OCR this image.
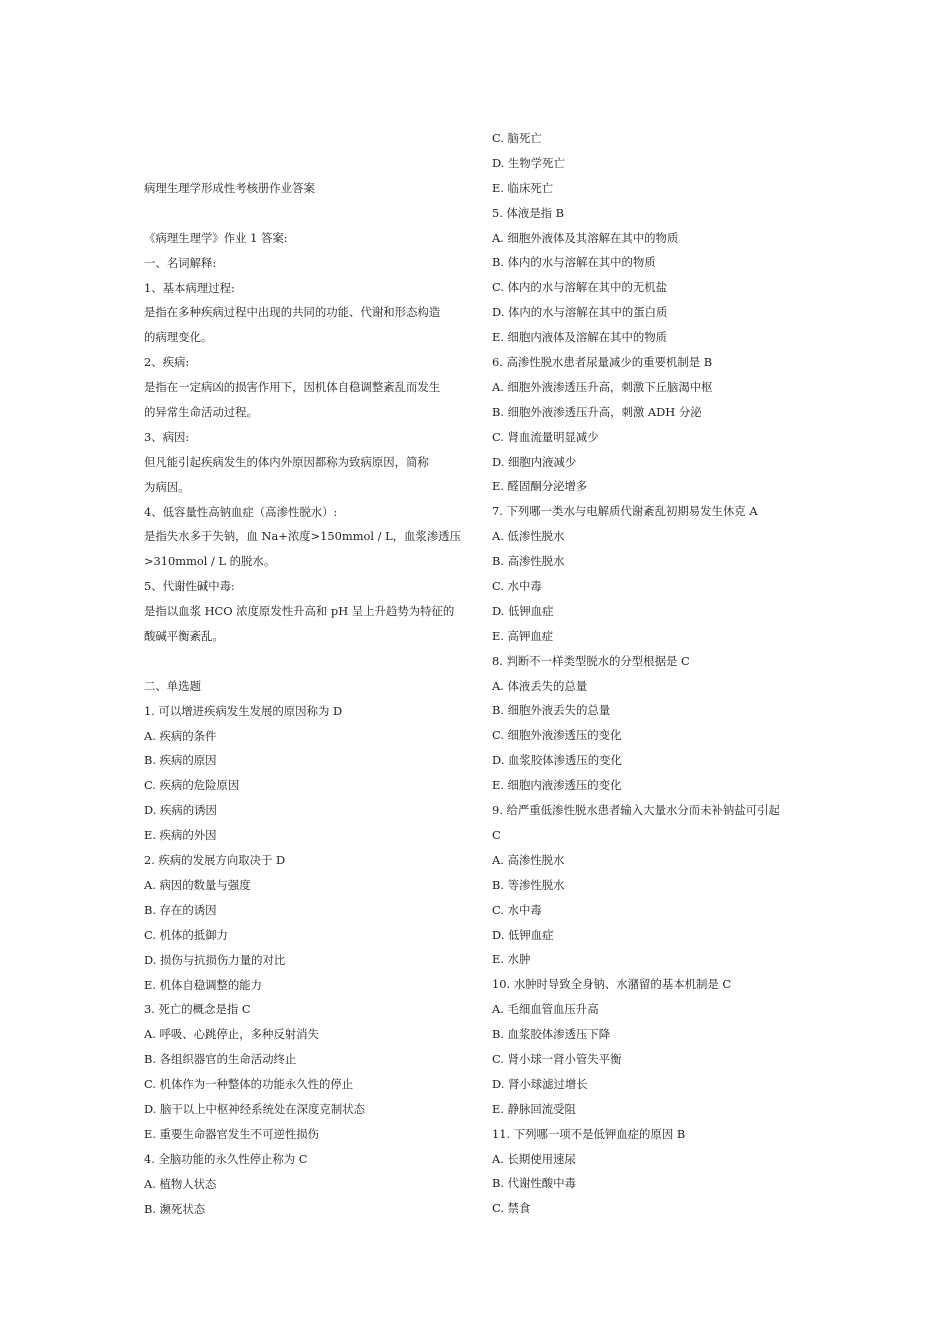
病理生理学形成性考核册作业答案
《病理生理学》作业 1 答案:
一、名词解释:
1、基本病理过程:
是指在多种疾病过程中出现的共同的功能、代谢和形态构造
的病理变化。
2、疾病:
是指在一定病凶的损害作用下，因机体自稳调整紊乱而发生
的异常生命活动过程。
3、病因:
但凡能引起疾病发生的体内外原因都称为致病原因，简称
为病因。
4、低容量性高钠血症（高渗性脱水）:
是指失水多于失钠，血 Na+浓度>150mmol / L，血浆渗透压
>310mmol / L 的脱水。
5、代谢性碱中毒:
是指以血浆 HCO 浓度原发性升高和 pH 呈上升趋势为特征的
酸碱平衡紊乱。
二、单选题
1. 可以增进疾病发生发展的原因称为 D
A. 疾病的条件
B. 疾病的原因
C. 疾病的危险原因
D. 疾病的诱因
E. 疾病的外因
2. 疾病的发展方向取决于 D
A. 病因的数量与强度
B. 存在的诱因
C. 机体的抵御力
D. 损伤与抗损伤力量的对比
E. 机体自稳调整的能力
3. 死亡的概念是指 C
A. 呼吸、心跳停止，多种反射消失
B. 各组织器官的生命活动终止
C. 机体作为一种整体的功能永久性的停止
D. 脑干以上中枢神经系统处在深度克制状态
E. 重要生命器官发生不可逆性损伤
4. 全脑功能的永久性停止称为 C
A. 植物人状态
B. 濒死状态
C. 脑死亡
D. 生物学死亡
E. 临床死亡
5. 体液是指 B
A. 细胞外液体及其溶解在其中的物质
B. 体内的水与溶解在其中的物质
C. 体内的水与溶解在其中的无机盐
D. 体内的水与溶解在其中的蛋白质
E. 细胞内液体及溶解在其中的物质
6. 高渗性脱水患者尿量减少的重要机制是 B
A. 细胞外液渗透压升高，刺激下丘脑渴中枢
B. 细胞外液渗透压升高，刺激 ADH 分泌
C. 肾血流量明显减少
D. 细胞内液减少
E. 醛固酮分泌增多
7. 下列哪一类水与电解质代谢紊乱初期易发生休克 A
A. 低渗性脱水
B. 高渗性脱水
C. 水中毒
D. 低钾血症
E. 高钾血症
8. 判断不一样类型脱水的分型根据是 C
A. 体液丢失的总量
B. 细胞外液丢失的总量
C. 细胞外液渗透压的变化
D. 血浆胶体渗透压的变化
E. 细胞内液渗透压的变化
9. 给严重低渗性脱水患者输入大量水分而未补钠盐可引起
C
A. 高渗性脱水
B. 等渗性脱水
C. 水中毒
D. 低钾血症
E. 水肿
10. 水肿时导致全身钠、水潴留的基本机制是 C
A. 毛细血管血压升高
B. 血浆胶体渗透压下降
C. 肾小球一肾小管失平衡
D. 肾小球滤过增长
E. 静脉回流受阻
11. 下列哪一项不是低钾血症的原因 B
A. 长期使用速尿
B. 代谢性酸中毒
C. 禁食
